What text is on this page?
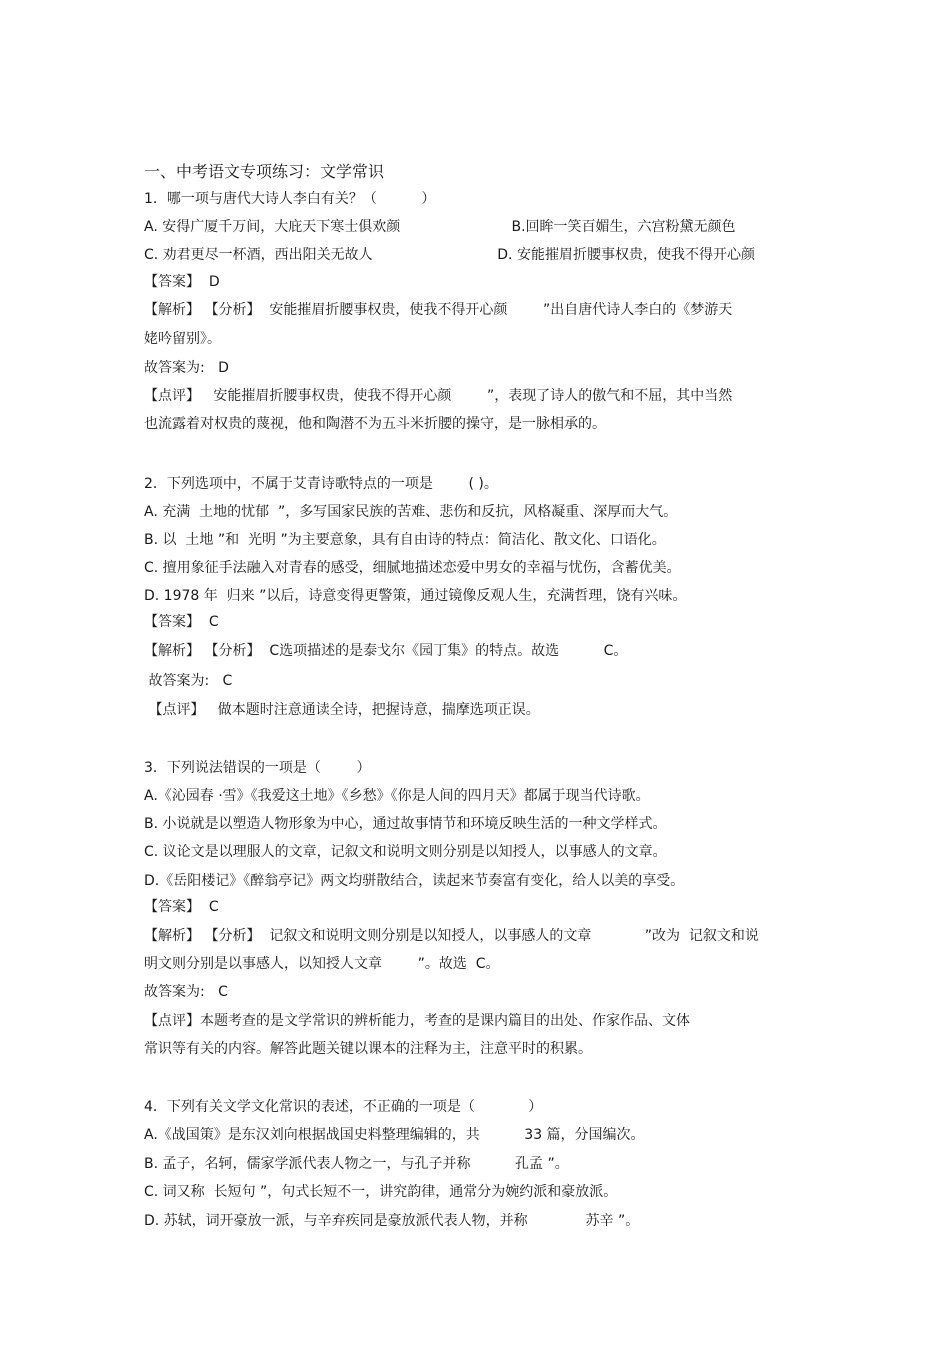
一、中考语文专项练习：文学常识
1．哪一项与唐代大诗人李白有关？（          ）
A. 安得广厦千万间，大庇天下寒士俱欢颜                         B.回眸一笑百媚生，六宫粉黛无颜色
C. 劝君更尽一杯酒，西出阳关无故人                            D. 安能摧眉折腰事权贵，使我不得开心颜
【答案】  D
【解析】 【分析】  安能摧眉折腰事权贵，使我不得开心颜        ”出自唐代诗人李白的《梦游天
姥吟留别》。
故答案为:   D
【点评】   安能摧眉折腰事权贵，使我不得开心颜        ”，表现了诗人的傲气和不屈，其中当然
也流露着对权贵的蔑视，他和陶潜不为五斗米折腰的操守，是一脉相承的。
2．下列选项中，不属于艾青诗歌特点的一项是        ( )。
A. 充满  土地的忧郁  ”，多写国家民族的苦难、悲伤和反抗，风格凝重、深厚而大气。
B. 以  土地 ”和  光明 ”为主要意象，具有自由诗的特点：简洁化、散文化、口语化。
C. 擅用象征手法融入对青春的感受，细腻地描述恋爱中男女的幸福与忧伤，含蓄优美。
D. 1978 年  归来 ”以后，诗意变得更警策，通过镜像反观人生，充满哲理，饶有兴味。
【答案】  C
【解析】 【分析】  C选项描述的是泰戈尔《园丁集》的特点。故选          C。
故答案为:   C
【点评】   做本题时注意通读全诗，把握诗意，揣摩选项正误。
3．下列说法错误的一项是（        ）
A.《沁园春 ·雪》《我爱这土地》《乡愁》《你是人间的四月天》都属于现当代诗歌。
B. 小说就是以塑造人物形象为中心，通过故事情节和环境反映生活的一种文学样式。
C. 议论文是以理服人的文章，记叙文和说明文则分别是以知授人，以事感人的文章。
D.《岳阳楼记》《醉翁亭记》两文均骈散结合，读起来节奏富有变化，给人以美的享受。
【答案】  C
【解析】 【分析】  记叙文和说明文则分别是以知授人，以事感人的文章            ”改为  记叙文和说
明文则分别是以事感人，以知授人文章        ”。故选  C。
故答案为:   C
【点评】本题考查的是文学常识的辨析能力，考查的是课内篇目的出处、作家作品、文体
常识等有关的内容。解答此题关键以课本的注释为主，注意平时的积累。
4．下列有关文学文化常识的表述，不正确的一项是（            ）
A.《战国策》是东汉刘向根据战国史料整理编辑的，共          33 篇，分国编次。
B. 孟子，名轲，儒家学派代表人物之一，与孔子并称          孔孟 ”。
C. 词又称  长短句 ”，句式长短不一，讲究韵律，通常分为婉约派和豪放派。
D. 苏轼，词开豪放一派，与辛弃疾同是豪放派代表人物，并称             苏辛 ”。
